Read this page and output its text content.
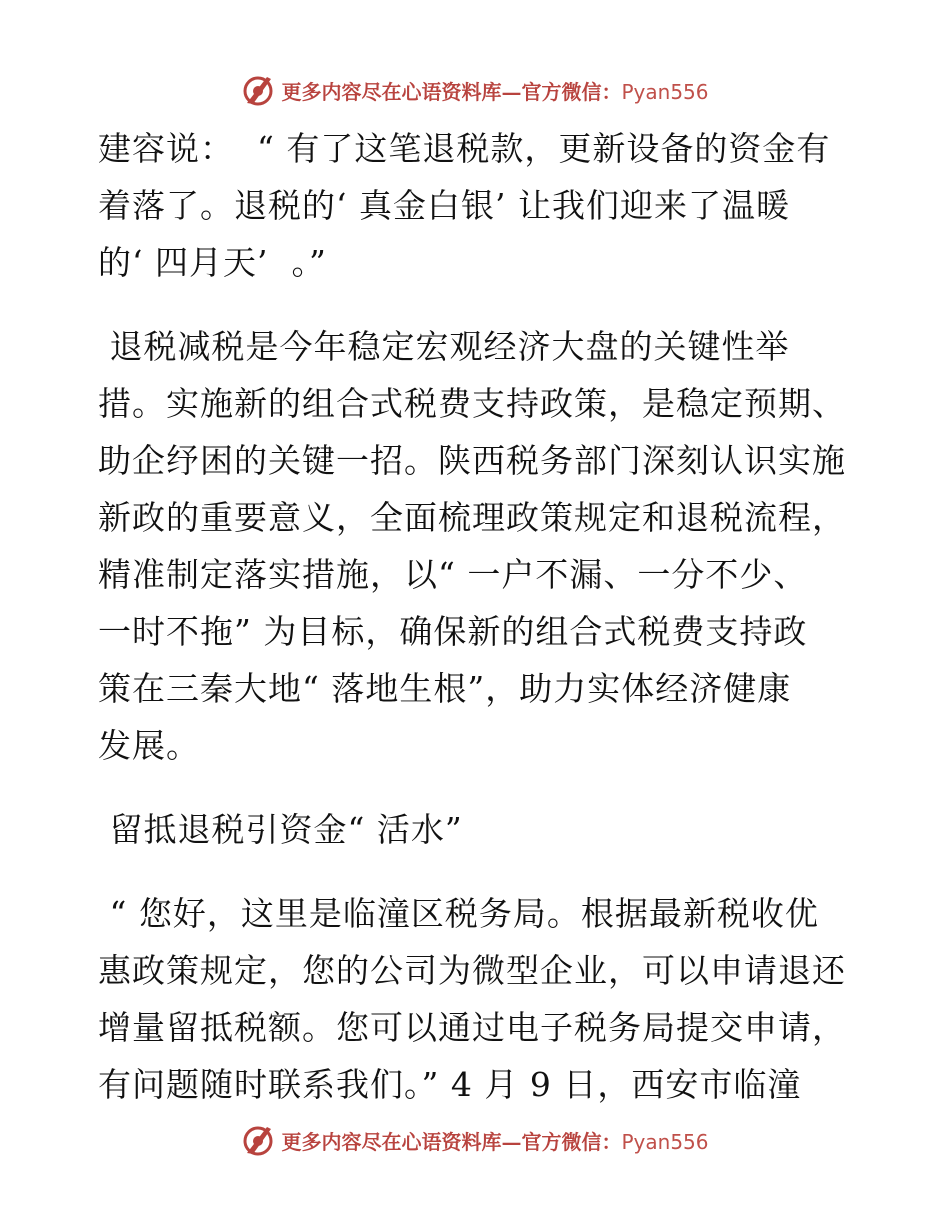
更多内容尽在心语资料库—官方微信：Pyan556

建容说：  “ 有了这笔退税款，更新设备的资金有

着落了。退税的‘ 真金白银’ 让我们迎来了温暖

的‘ 四月天’  。”

退税减税是今年稳定宏观经济大盘的关键性举

措。实施新的组合式税费支持政策，是稳定预期、

助企纾困的关键一招。陕西税务部门深刻认识实施

新政的重要意义，全面梳理政策规定和退税流程，

精准制定落实措施，以“ 一户不漏、一分不少、

一时不拖” 为目标，确保新的组合式税费支持政

策在三秦大地“ 落地生根”，助力实体经济健康

发展。

留抵退税引资金“ 活水”

“ 您好，这里是临潼区税务局。根据最新税收优

惠政策规定，您的公司为微型企业，可以申请退还

增量留抵税额。您可以通过电子税务局提交申请，

有问题随时联系我们。” 4 月 9 日，西安市临潼

更多内容尽在心语资料库—官方微信：Pyan556
